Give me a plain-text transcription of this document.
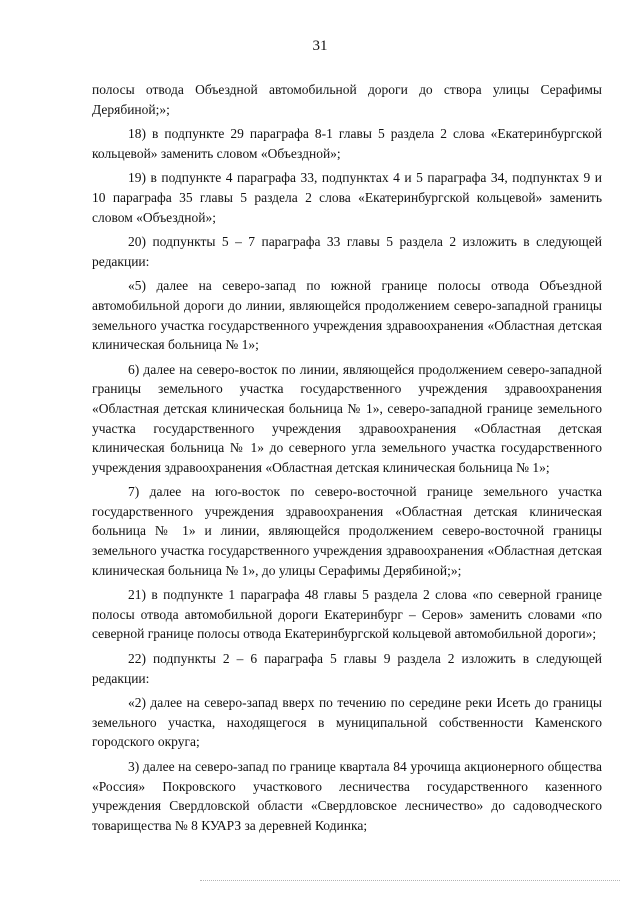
31

полосы отвода Объездной автомобильной дороги до створа улицы Серафимы Дерябиной;»;

18) в подпункте 29 параграфа 8-1 главы 5 раздела 2 слова «Екатеринбургской кольцевой» заменить словом «Объездной»;

19) в подпункте 4 параграфа 33, подпунктах 4 и 5 параграфа 34, подпунктах 9 и 10 параграфа 35 главы 5 раздела 2 слова «Екатеринбургской кольцевой» заменить словом «Объездной»;

20) подпункты 5 – 7 параграфа 33 главы 5 раздела 2 изложить в следующей редакции:

«5) далее на северо-запад по южной границе полосы отвода Объездной автомобильной дороги до линии, являющейся продолжением северо-западной границы земельного участка государственного учреждения здравоохранения «Областная детская клиническая больница № 1»;

6) далее на северо-восток по линии, являющейся продолжением северо-западной границы земельного участка государственного учреждения здравоохранения «Областная детская клиническая больница № 1», северо-западной границе земельного участка государственного учреждения здравоохранения «Областная детская клиническая больница № 1» до северного угла земельного участка государственного учреждения здравоохранения «Областная детская клиническая больница № 1»;

7) далее на юго-восток по северо-восточной границе земельного участка государственного учреждения здравоохранения «Областная детская клиническая больница № 1» и линии, являющейся продолжением северо-восточной границы земельного участка государственного учреждения здравоохранения «Областная детская клиническая больница № 1», до улицы Серафимы Дерябиной;»;

21) в подпункте 1 параграфа 48 главы 5 раздела 2 слова «по северной границе полосы отвода автомобильной дороги Екатеринбург – Серов» заменить словами «по северной границе полосы отвода Екатеринбургской кольцевой автомобильной дороги»;

22) подпункты 2 – 6 параграфа 5 главы 9 раздела 2 изложить в следующей редакции:

«2) далее на северо-запад вверх по течению по середине реки Исеть до границы земельного участка, находящегося в муниципальной собственности Каменского городского округа;

3) далее на северо-запад по границе квартала 84 урочища акционерного общества «Россия» Покровского участкового лесничества государственного казенного учреждения Свердловской области «Свердловское лесничество» до садоводческого товарищества № 8 КУАРЗ за деревней Кодинка;
